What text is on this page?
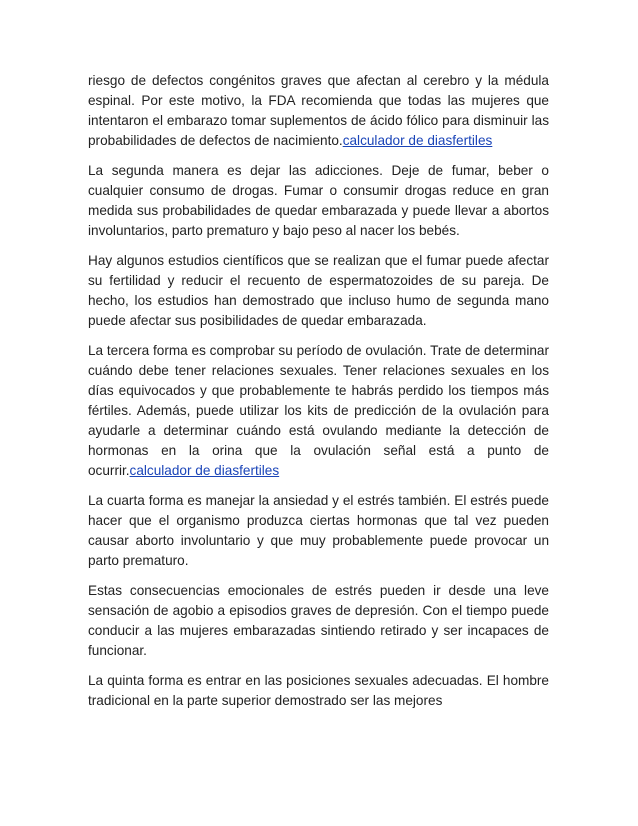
riesgo de defectos congénitos graves que afectan al cerebro y la médula espinal. Por este motivo, la FDA recomienda que todas las mujeres que intentaron el embarazo tomar suplementos de ácido fólico para disminuir las probabilidades de defectos de nacimiento.calculador de diasfertiles

La segunda manera es dejar las adicciones. Deje de fumar, beber o cualquier consumo de drogas. Fumar o consumir drogas reduce en gran medida sus probabilidades de quedar embarazada y puede llevar a abortos involuntarios, parto prematuro y bajo peso al nacer los bebés.

Hay algunos estudios científicos que se realizan que el fumar puede afectar su fertilidad y reducir el recuento de espermatozoides de su pareja. De hecho, los estudios han demostrado que incluso humo de segunda mano puede afectar sus posibilidades de quedar embarazada.

La tercera forma es comprobar su período de ovulación. Trate de determinar cuándo debe tener relaciones sexuales. Tener relaciones sexuales en los días equivocados y que probablemente te habrás perdido los tiempos más fértiles. Además, puede utilizar los kits de predicción de la ovulación para ayudarle a determinar cuándo está ovulando mediante la detección de hormonas en la orina que la ovulación señal está a punto de ocurrir.calculador de diasfertiles

La cuarta forma es manejar la ansiedad y el estrés también. El estrés puede hacer que el organismo produzca ciertas hormonas que tal vez pueden causar aborto involuntario y que muy probablemente puede provocar un parto prematuro.

Estas consecuencias emocionales de estrés pueden ir desde una leve sensación de agobio a episodios graves de depresión. Con el tiempo puede conducir a las mujeres embarazadas sintiendo retirado y ser incapaces de funcionar.

La quinta forma es entrar en las posiciones sexuales adecuadas. El hombre tradicional en la parte superior demostrado ser las mejores
